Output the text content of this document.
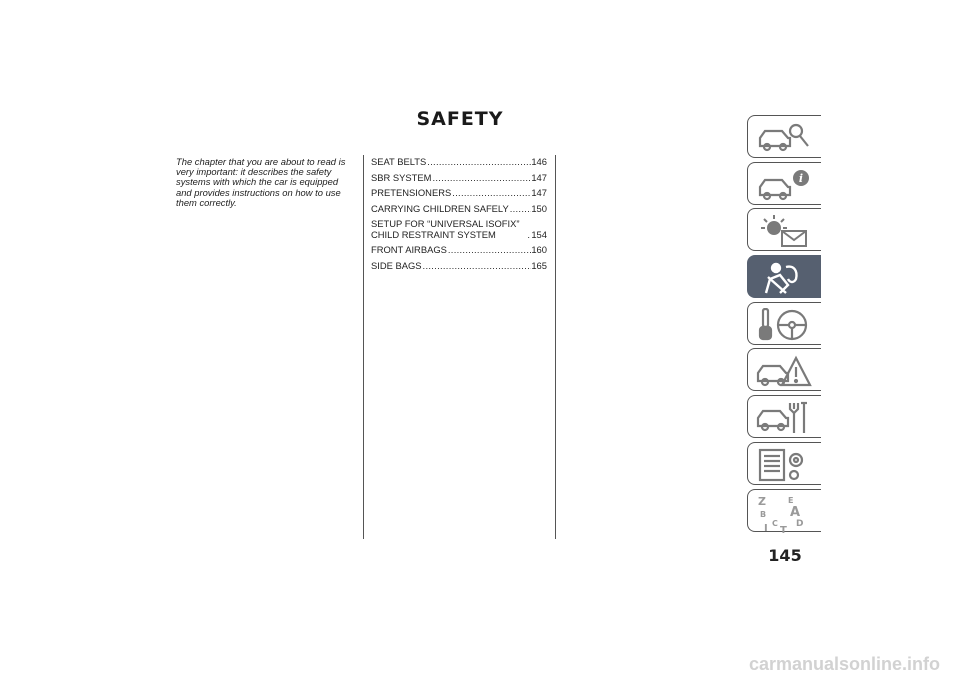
SAFETY
The chapter that you are about to read is very important: it describes the safety systems with which the car is equipped and provides instructions on how to use them correctly.
SEAT BELTS .....	146
SBR SYSTEM .....	147
PRETENSIONERS .....	147
CARRYING CHILDREN SAFELY ..... 150
SETUP FOR “UNIVERSAL ISOFIX” CHILD RESTRAINT SYSTEM .....	154
FRONT AIRBAGS .....	160
SIDE BAGS .....	165
i
Z	E
B A
C D
I T
145
carmanualsonline.info
